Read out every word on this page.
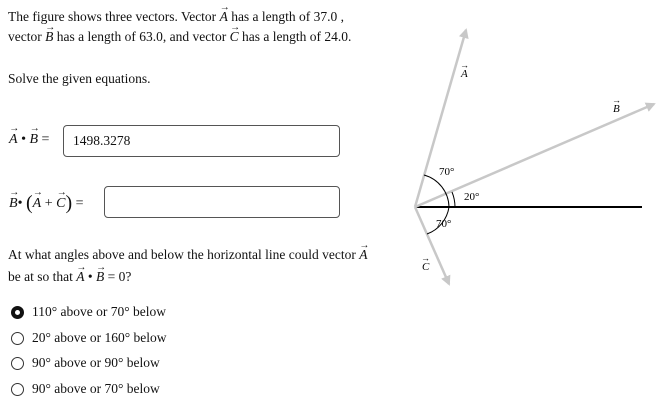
The figure shows three vectors. Vector → A has a length of 37.0 , vector → B has a length of 63.0, and vector → C has a length of 24.0.

Solve the given equations.
→ A • → B =	1498.3278
→ B• (→ A + → C) =
At what angles above and below the horizontal line could vector → A be at so that → A • → B = 0?
110° above or 70° below
20° above or 160° below
90° above or 90° below
90° above or 70° below
70°
20°
70°
A
→
B
→
C
→
